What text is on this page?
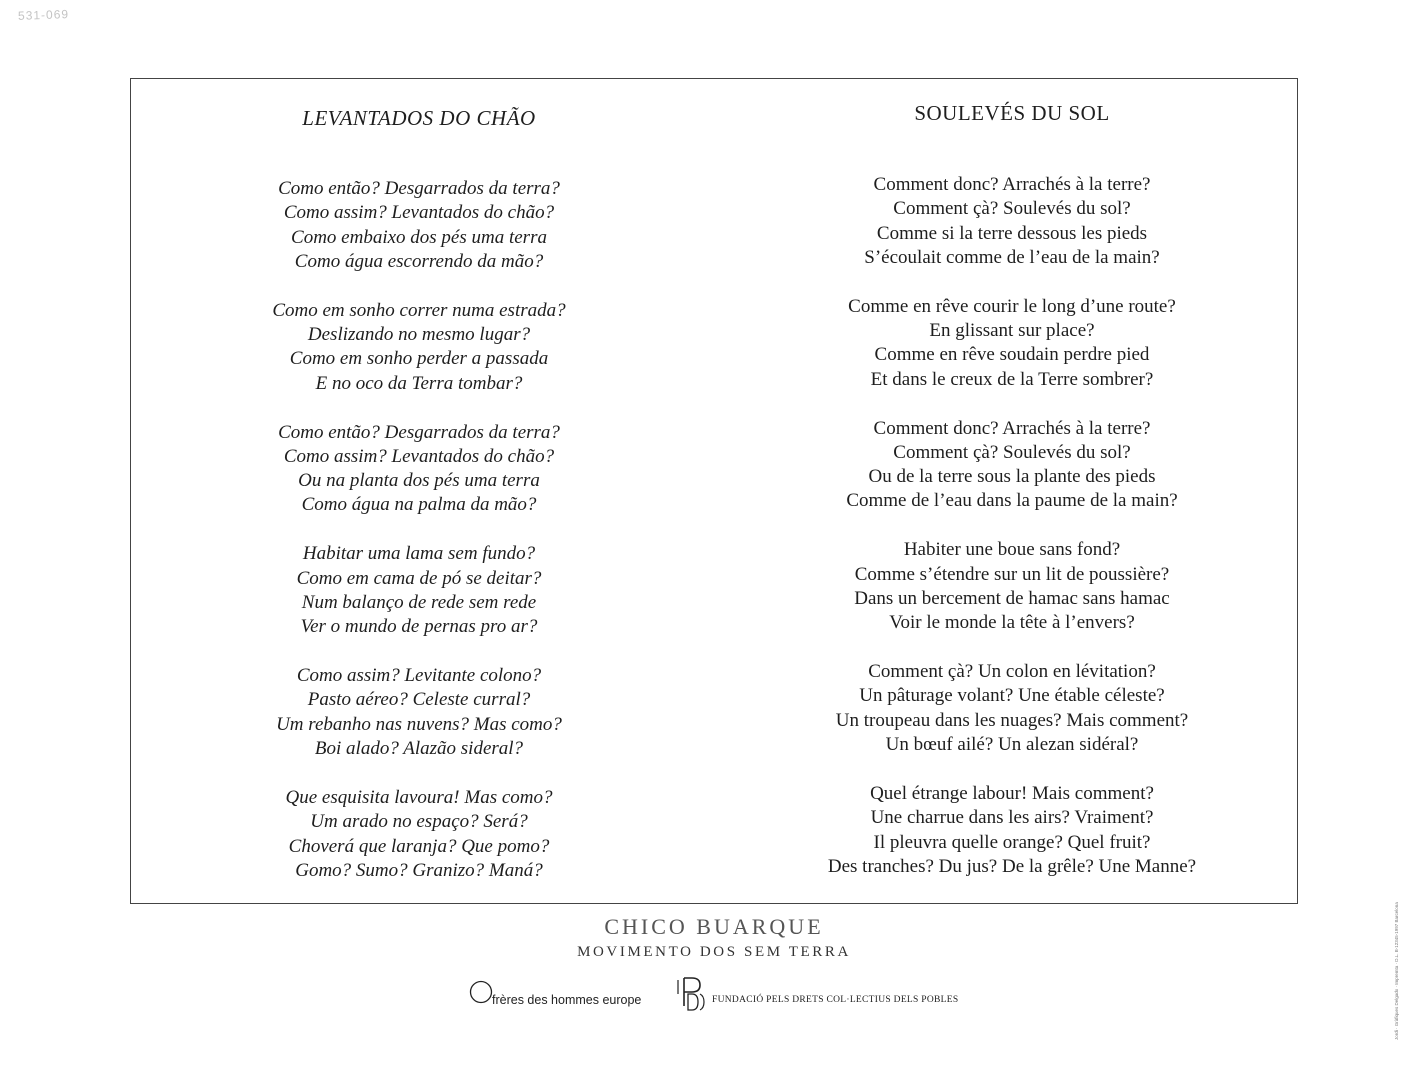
531-069
LEVANTADOS DO CHÃO
Como então? Desgarrados da terra?
Como assim? Levantados do chão?
Como embaixo dos pés uma terra
Como água escorrendo da mão?
Como em sonho correr numa estrada?
Deslizando no mesmo lugar?
Como em sonho perder a passada
E no oco da Terra tombar?
Como então? Desgarrados da terra?
Como assim? Levantados do chão?
Ou na planta dos pés uma terra
Como água na palma da mão?
Habitar uma lama sem fundo?
Como em cama de pó se deitar?
Num balanço de rede sem rede
Ver o mundo de pernas pro ar?
Como assim? Levitante colono?
Pasto aéreo? Celeste curral?
Um rebanho nas nuvens? Mas como?
Boi alado? Alazão sideral?
Que esquisita lavoura! Mas como?
Um arado no espaço? Será?
Choverá que laranja? Que pomo?
Gomo? Sumo? Granizo? Maná?
SOULEVÉS DU SOL
Comment donc? Arrachés à la terre?
Comment çà? Soulevés du sol?
Comme si la terre dessous les pieds
S’écoulait comme de l’eau de la main?
Comme en rêve courir le long d’une route?
En glissant sur place?
Comme en rêve soudain perdre pied
Et dans le creux de la Terre sombrer?
Comment donc? Arrachés à la terre?
Comment çà? Soulevés du sol?
Ou de la terre sous la plante des pieds
Comme de l’eau dans la paume de la main?
Habiter une boue sans fond?
Comme s’étendre sur un lit de poussière?
Dans un bercement de hamac sans hamac
Voir le monde la tête à l’envers?
Comment çà? Un colon en lévitation?
Un pâturage volant? Une étable céleste?
Un troupeau dans les nuages? Mais comment?
Un bœuf ailé? Un alezan sidéral?
Quel étrange labour! Mais comment?
Une charrue dans les airs? Vraiment?
Il pleuvra quelle orange? Quel fruit?
Des tranches? Du jus? De la grêle? Une Manne?
CHICO BUARQUE
MOVIMENTO DOS SEM TERRA
frères des hommes europe	FUNDACIÓ PELS DRETS COL·LECTIUS DELS POBLES	Jordi · Gràfiques Delgado · Impremta · D.L. B-12345-1997 Barcelona
